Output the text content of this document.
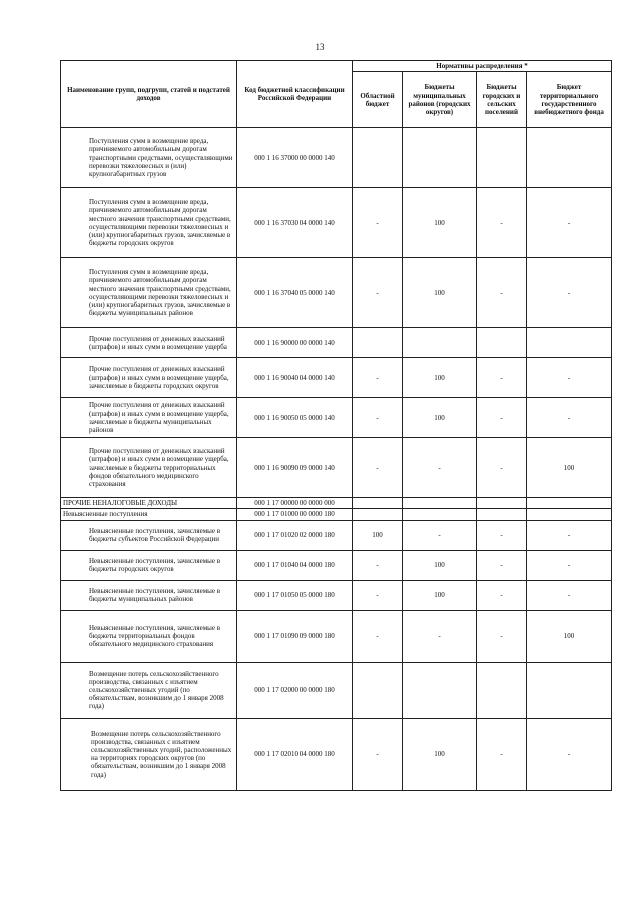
13
Наименование групп, подгрупп, статей и подстатей доходов	Код бюджетной классификации Российской Федерации	Нормативы распределения *			
		Областной бюджет	Бюджеты муниципальных районов (городских округов)	Бюджеты городских и сельских поселений	Бюджет территориального государственного внебюджетного фонда
Поступления сумм в возмещение вреда, причиняемого автомобильным дорогам транспортными средствами, осуществляющими перевозки тяжеловесных и (или) крупногабаритных грузов	000 1 16 37000 00 0000 140				
Поступления сумм в возмещение вреда, причиняемого автомобильным дорогам местного значения транспортными средствами, осуществляющими перевозки тяжеловесных и (или) крупногабаритных грузов, зачисляемые в бюджеты городских округов	000 1 16 37030 04 0000 140	-	100	-	-
Поступления сумм в возмещение вреда, причиняемого автомобильным дорогам местного значения транспортными средствами, осуществляющими перевозки тяжеловесных и (или) крупногабаритных грузов, зачисляемые в бюджеты муниципальных районов	000 1 16 37040 05 0000 140	-	100	-	-
Прочие поступления от денежных взысканий (штрафов) и иных сумм в возмещение ущерба	000 1 16 90000 00 0000 140				
Прочие поступления от денежных взысканий (штрафов) и иных сумм в возмещение ущерба, зачисляемые в бюджеты городских округов	000 1 16 90040 04 0000 140	-	100	-	-
Прочие поступления от денежных взысканий (штрафов) и иных сумм в возмещение ущерба, зачисляемые в бюджеты муниципальных районов	000 1 16 90050 05 0000 140	-	100	-	-
Прочие поступления от денежных взысканий (штрафов) и иных сумм в возмещение ущерба, зачисляемые в бюджеты территориальных фондов обязательного медицинского страхования	000 1 16 90090 09 0000 140	-	-	-	100
ПРОЧИЕ НЕНАЛОГОВЫЕ ДОХОДЫ	000 1 17 00000 00 0000 000				
Невыясненные поступления	000 1 17 01000 00 0000 180				
Невыясненные поступления, зачисляемые в бюджеты субъектов Российской Федерации	000 1 17 01020 02 0000 180	100	-	-	-
Невыясненные поступления, зачисляемые в бюджеты городских округов	000 1 17 01040 04 0000 180	-	100	-	-
Невыясненные поступления, зачисляемые в бюджеты муниципальных районов	000 1 17 01050 05 0000 180	-	100	-	-
Невыясненные поступления, зачисляемые в бюджеты территориальных фондов обязательного медицинского страхования	000 1 17 01090 09 0000 180	-	-	-	100
Возмещение потерь сельскохозяйственного производства, связанных с изъятием сельскохозяйственных угодий (по обязательствам, возникшим до 1 января 2008 года)	000 1 17 02000 00 0000 180				
Возмещение потерь сельскохозяйственного производства, связанных с изъятием сельскохозяйственных угодий, расположенных на территориях городских округов (по обязательствам, возникшим до 1 января 2008 года)	000 1 17 02010 04 0000 180	-	100	-	-
